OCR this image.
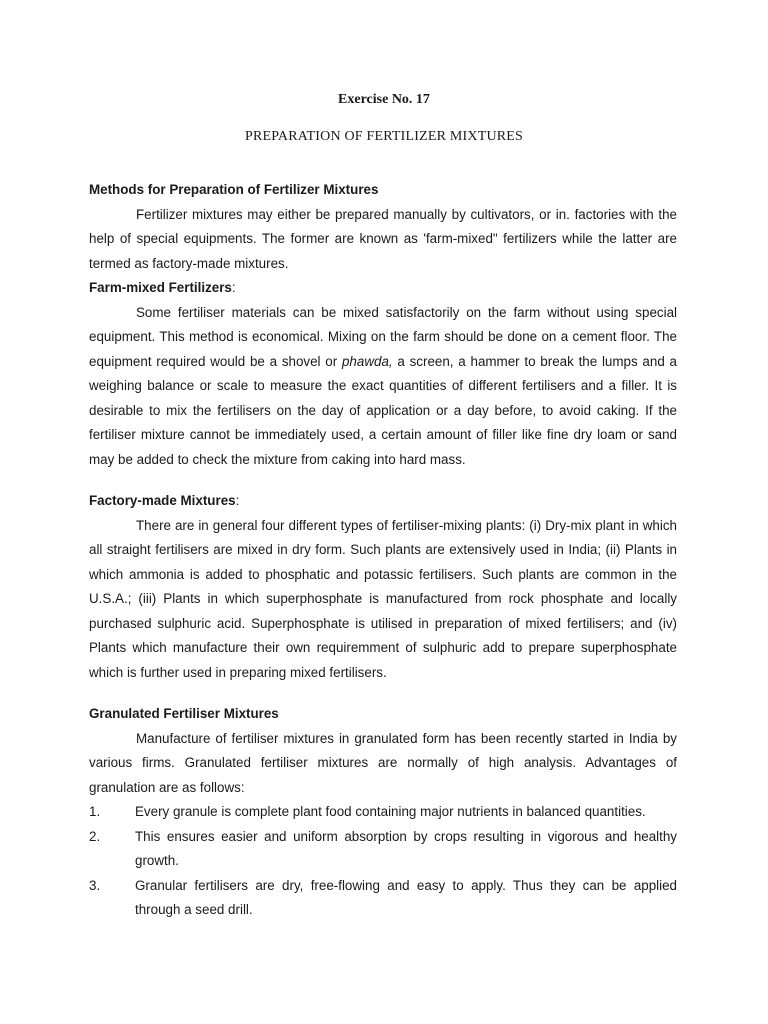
Exercise No. 17
PREPARATION OF FERTILIZER MIXTURES
Methods for Preparation of Fertilizer Mixtures
Fertilizer mixtures may either be prepared manually by cultivators, or in. factories with the help of special equipments. The former are known as 'farm-mixed" fertilizers while the latter are termed as factory-made mixtures.
Farm-mixed Fertilizers:
Some fertiliser materials can be mixed satisfactorily on the farm without using special equipment. This method is economical. Mixing on the farm should be done on a cement floor. The equipment required would be a shovel or phawda, a screen, a hammer to break the lumps and a weighing balance or scale to measure the exact quantities of different fertilisers and a filler. It is desirable to mix the fertilisers on the day of application or a day before, to avoid caking. If the fertiliser mixture cannot be immediately used, a certain amount of filler like fine dry loam or sand may be added to check the mixture from caking into hard mass.
Factory-made Mixtures:
There are in general four different types of fertiliser-mixing plants: (i) Dry-mix plant in which all straight fertilisers are mixed in dry form. Such plants are extensively used in India; (ii) Plants in which ammonia is added to phosphatic and potassic fertilisers. Such plants are common in the U.S.A.; (iii) Plants in which superphosphate is manufactured from rock phosphate and locally purchased sulphuric acid. Superphosphate is utilised in preparation of mixed fertilisers; and (iv) Plants which manufacture their own requiremment of sulphuric add to prepare superphosphate which is further used in preparing mixed fertilisers.
Granulated Fertiliser Mixtures
Manufacture of fertiliser mixtures in granulated form has been recently started in India by various firms. Granulated fertiliser mixtures are normally of high analysis. Advantages of granulation are as follows:
1.	Every granule is complete plant food containing major nutrients in balanced quantities.
2.	This ensures easier and uniform absorption by crops resulting in vigorous and healthy growth.
3.	Granular fertilisers are dry, free-flowing and easy to apply. Thus they can be applied through a seed drill.
